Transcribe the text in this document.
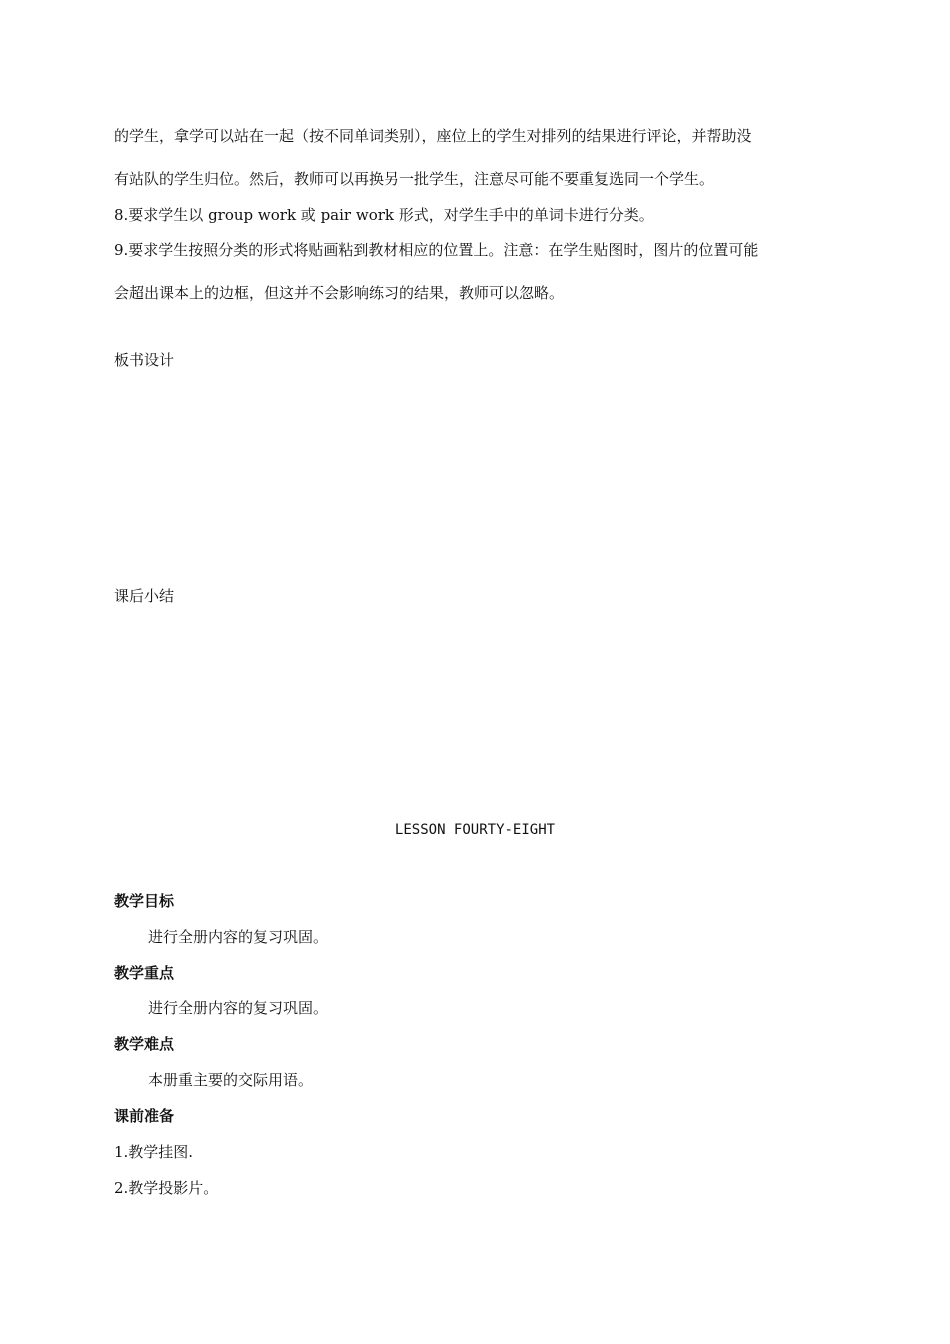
的学生，拿学可以站在一起（按不同单词类别），座位上的学生对排列的结果进行评论，并帮助没
有站队的学生归位。然后，教师可以再换另一批学生，注意尽可能不要重复选同一个学生。
8.要求学生以 group work 或 pair work 形式，对学生手中的单词卡进行分类。
9.要求学生按照分类的形式将贴画粘到教材相应的位置上。注意：在学生贴图时，图片的位置可能
会超出课本上的边框，但这并不会影响练习的结果，教师可以忽略。
板书设计
课后小结
LESSON FOURTY-EIGHT
教学目标
进行全册内容的复习巩固。
教学重点
进行全册内容的复习巩固。
教学难点
本册重主要的交际用语。
课前准备
1.教学挂图.
2.教学投影片。
